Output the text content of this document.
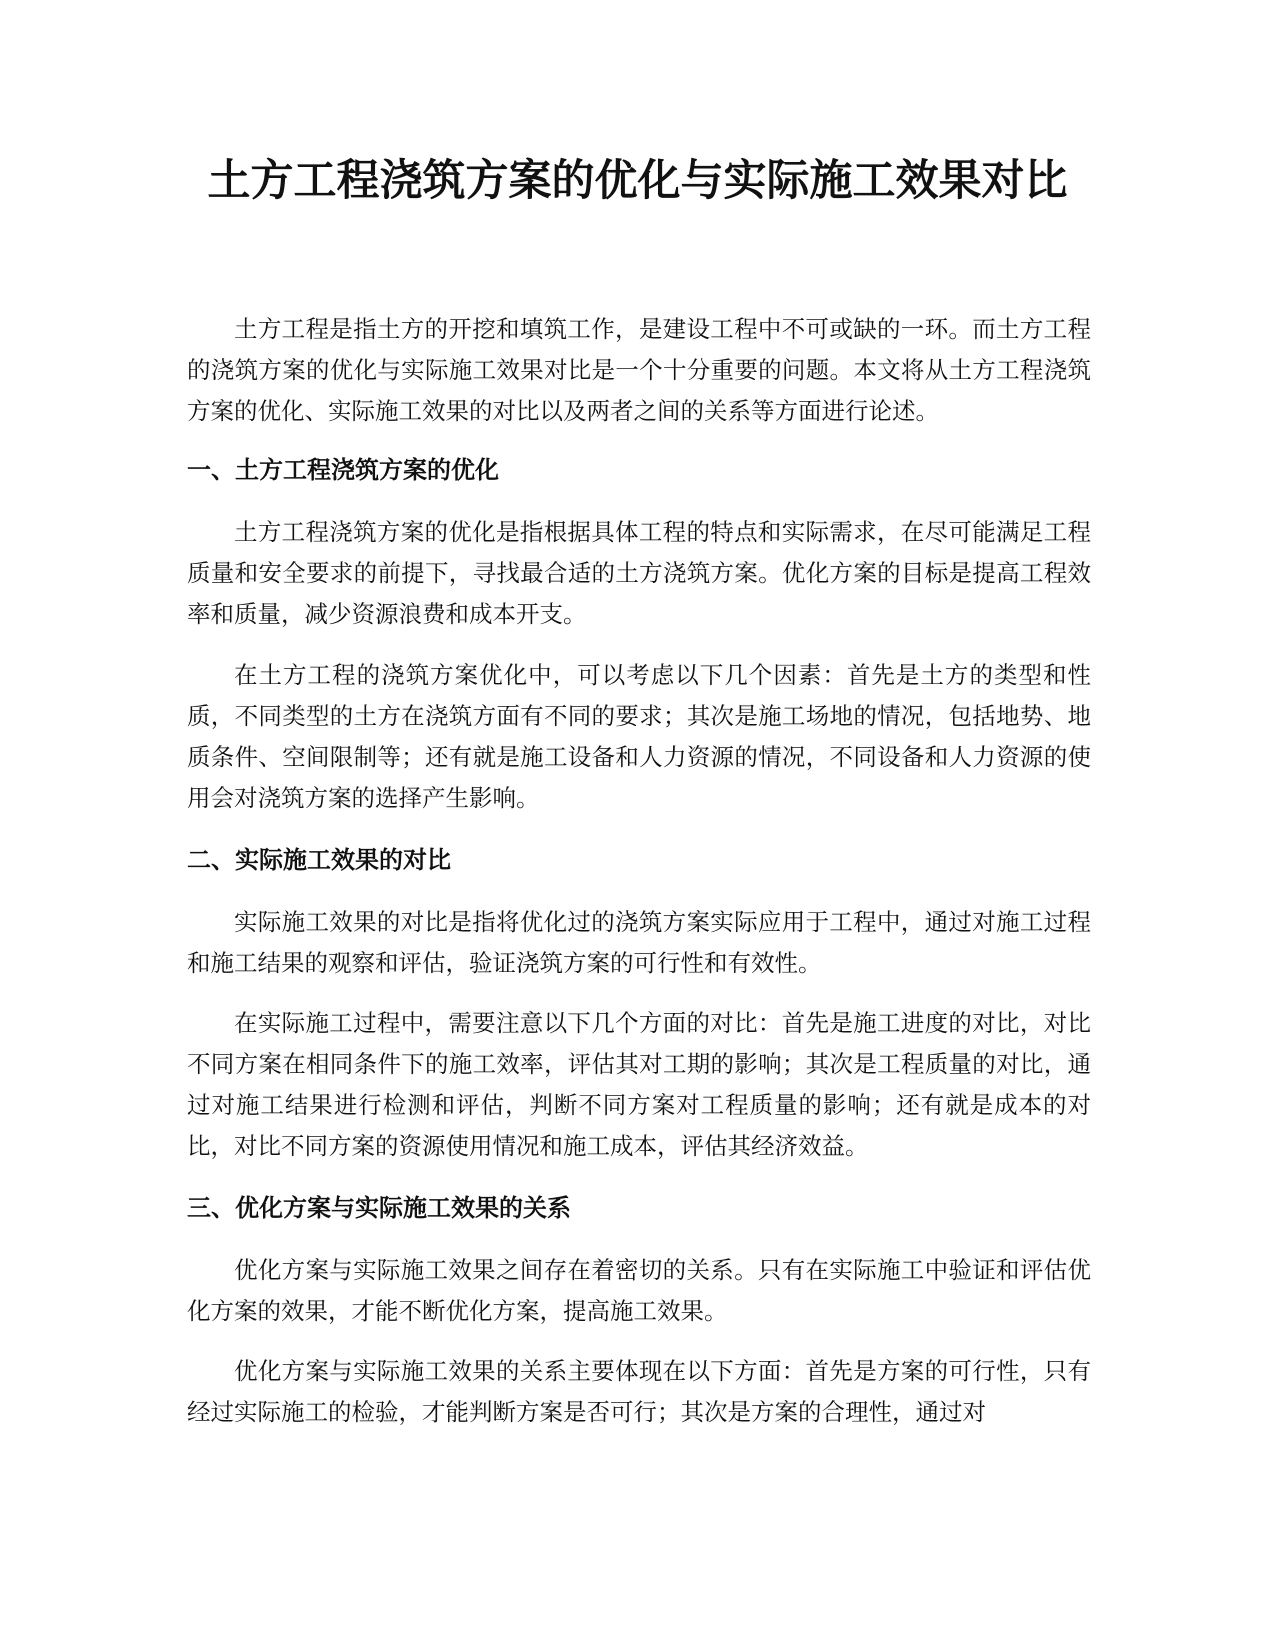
土方工程浇筑方案的优化与实际施工效果对比

土方工程是指土方的开挖和填筑工作，是建设工程中不可或缺的一环。而土方工程的浇筑方案的优化与实际施工效果对比是一个十分重要的问题。本文将从土方工程浇筑方案的优化、实际施工效果的对比以及两者之间的关系等方面进行论述。

一、土方工程浇筑方案的优化

土方工程浇筑方案的优化是指根据具体工程的特点和实际需求，在尽可能满足工程质量和安全要求的前提下，寻找最合适的土方浇筑方案。优化方案的目标是提高工程效率和质量，减少资源浪费和成本开支。

在土方工程的浇筑方案优化中，可以考虑以下几个因素：首先是土方的类型和性质，不同类型的土方在浇筑方面有不同的要求；其次是施工场地的情况，包括地势、地质条件、空间限制等；还有就是施工设备和人力资源的情况，不同设备和人力资源的使用会对浇筑方案的选择产生影响。

二、实际施工效果的对比

实际施工效果的对比是指将优化过的浇筑方案实际应用于工程中，通过对施工过程和施工结果的观察和评估，验证浇筑方案的可行性和有效性。

在实际施工过程中，需要注意以下几个方面的对比：首先是施工进度的对比，对比不同方案在相同条件下的施工效率，评估其对工期的影响；其次是工程质量的对比，通过对施工结果进行检测和评估，判断不同方案对工程质量的影响；还有就是成本的对比，对比不同方案的资源使用情况和施工成本，评估其经济效益。

三、优化方案与实际施工效果的关系

优化方案与实际施工效果之间存在着密切的关系。只有在实际施工中验证和评估优化方案的效果，才能不断优化方案，提高施工效果。

优化方案与实际施工效果的关系主要体现在以下方面：首先是方案的可行性，只有经过实际施工的检验，才能判断方案是否可行；其次是方案的合理性，通过对
